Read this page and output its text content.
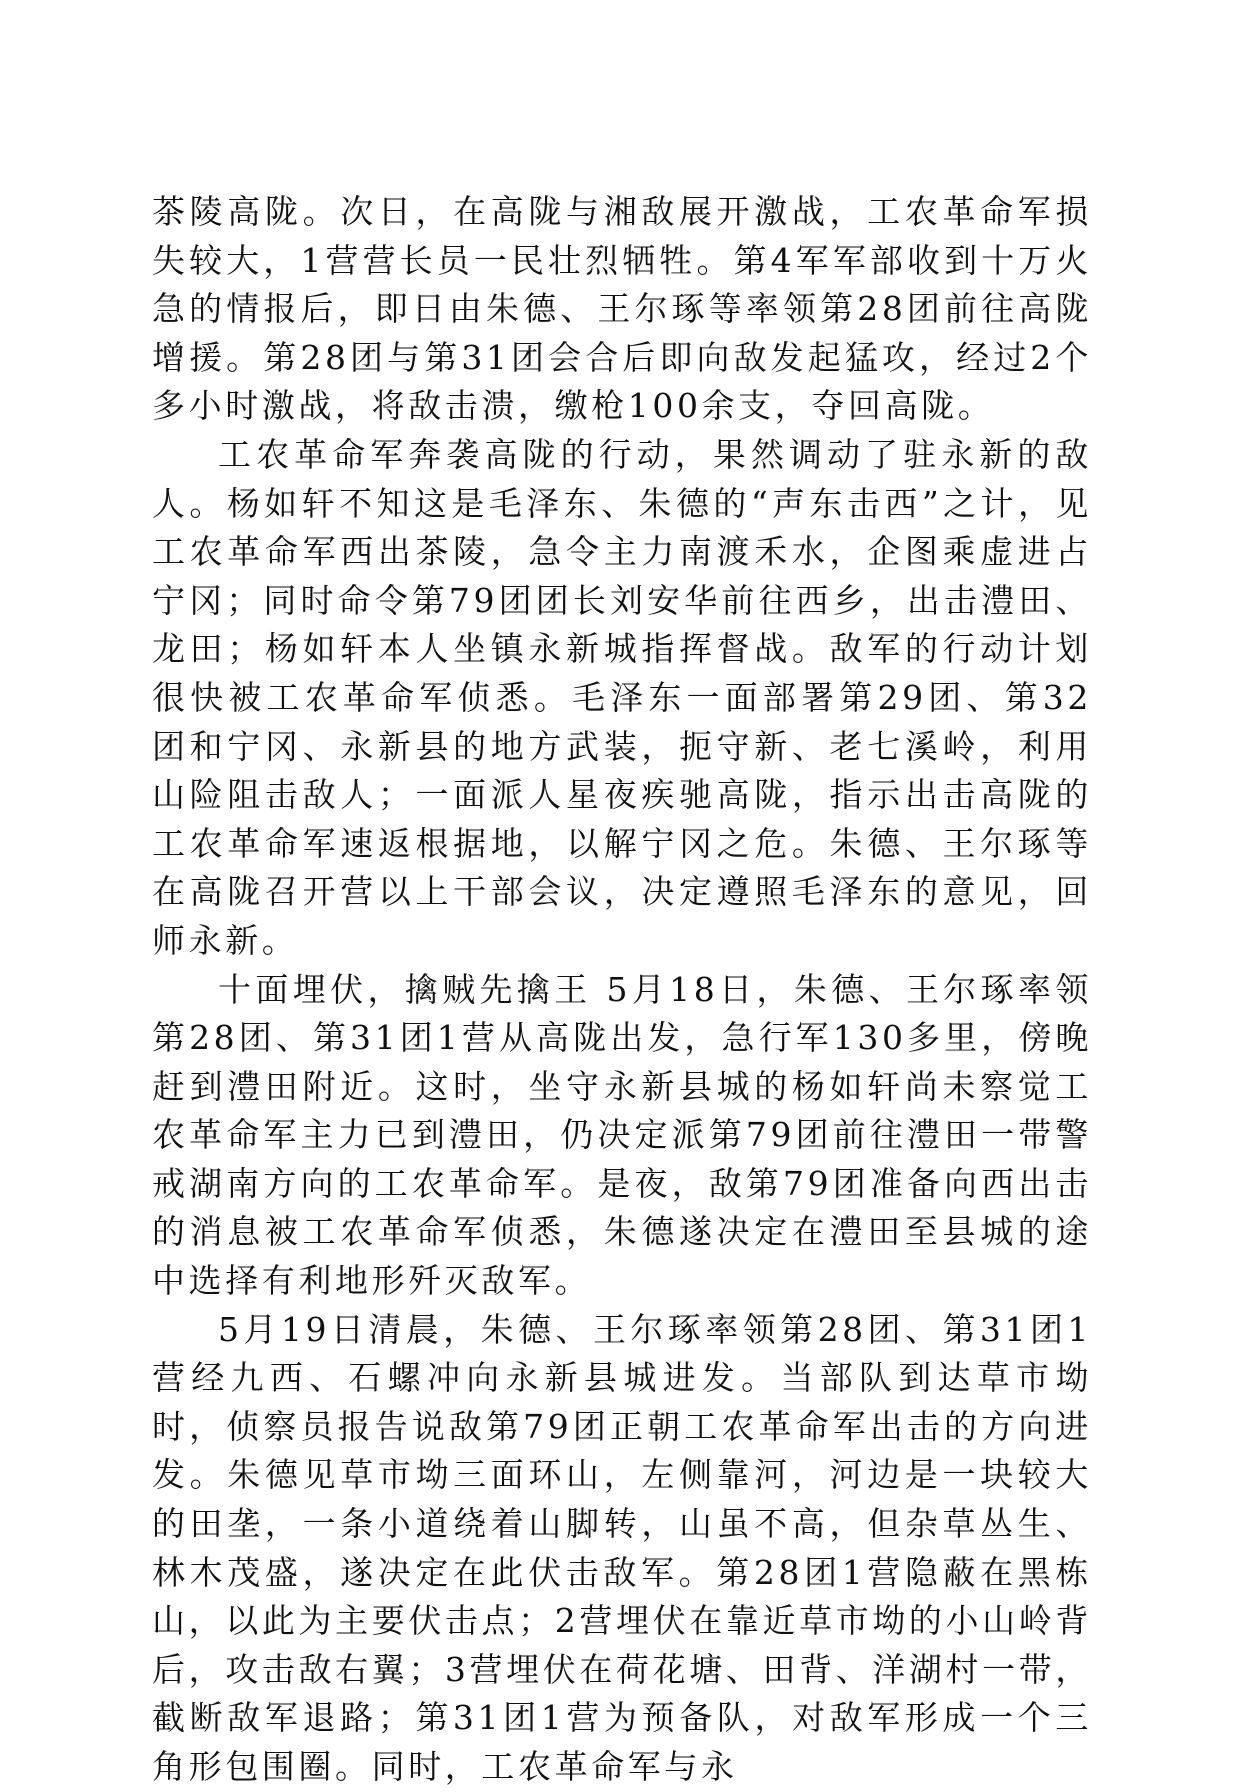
茶陵高陇。次日，在高陇与湘敌展开激战，工农革命军损失较大，1营营长员一民壮烈牺牲。第4军军部收到十万火急的情报后，即日由朱德、王尔琢等率领第28团前往高陇增援。第28团与第31团会合后即向敌发起猛攻，经过2个多小时激战，将敌击溃，缴枪100余支，夺回高陇。

工农革命军奔袭高陇的行动，果然调动了驻永新的敌人。杨如轩不知这是毛泽东、朱德的“声东击西”之计，见工农革命军西出茶陵，急令主力南渡禾水，企图乘虚进占宁冈；同时命令第79团团长刘安华前往西乡，出击澧田、龙田；杨如轩本人坐镇永新城指挥督战。敌军的行动计划很快被工农革命军侦悉。毛泽东一面部署第29团、第32团和宁冈、永新县的地方武装，扼守新、老七溪岭，利用山险阻击敌人；一面派人星夜疾驰高陇，指示出击高陇的工农革命军速返根据地，以解宁冈之危。朱德、王尔琢等在高陇召开营以上干部会议，决定遵照毛泽东的意见，回师永新。

十面埋伏，擒贼先擒王 5月18日，朱德、王尔琢率领第28团、第31团1营从高陇出发，急行军130多里，傍晚赶到澧田附近。这时，坐守永新县城的杨如轩尚未察觉工农革命军主力已到澧田，仍决定派第79团前往澧田一带警戒湖南方向的工农革命军。是夜，敌第79团准备向西出击的消息被工农革命军侦悉，朱德遂决定在澧田至县城的途中选择有利地形歼灭敌军。

5月19日清晨，朱德、王尔琢率领第28团、第31团1营经九西、石螺冲向永新县城进发。当部队到达草市坳时，侦察员报告说敌第79团正朝工农革命军出击的方向进发。朱德见草市坳三面环山，左侧靠河，河边是一块较大的田垄，一条小道绕着山脚转，山虽不高，但杂草丛生、林木茂盛，遂决定在此伏击敌军。第28团1营隐蔽在黑栋山，以此为主要伏击点；2营埋伏在靠近草市坳的小山岭背后，攻击敌右翼；3营埋伏在荷花塘、田背、洋湖村一带，截断敌军退路；第31团1营为预备队，对敌军形成一个三角形包围圈。同时，工农革命军与永
